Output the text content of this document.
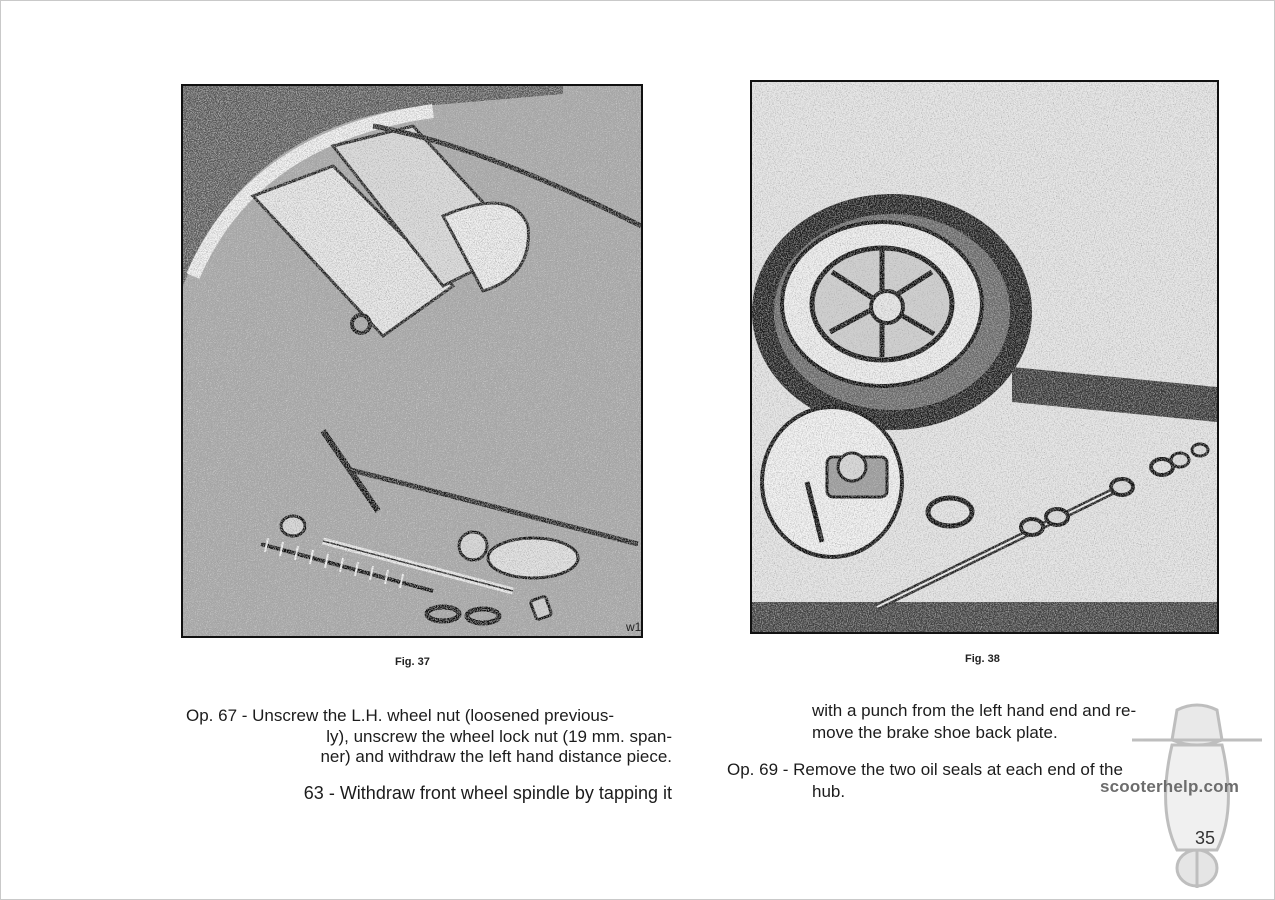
w1
Fig. 37	Fig. 38
Op. 67 - Unscrew the L.H. wheel nut (loosened previous-
ly), unscrew the wheel lock nut (19 mm. span-
ner) and withdraw the left hand distance piece.
63 - Withdraw front wheel spindle by tapping it
with a punch from the left hand end and re-
move the brake shoe back plate.
Op. 69 - Remove the two oil seals at each end of the
hub.	scooterhelp.com
35
